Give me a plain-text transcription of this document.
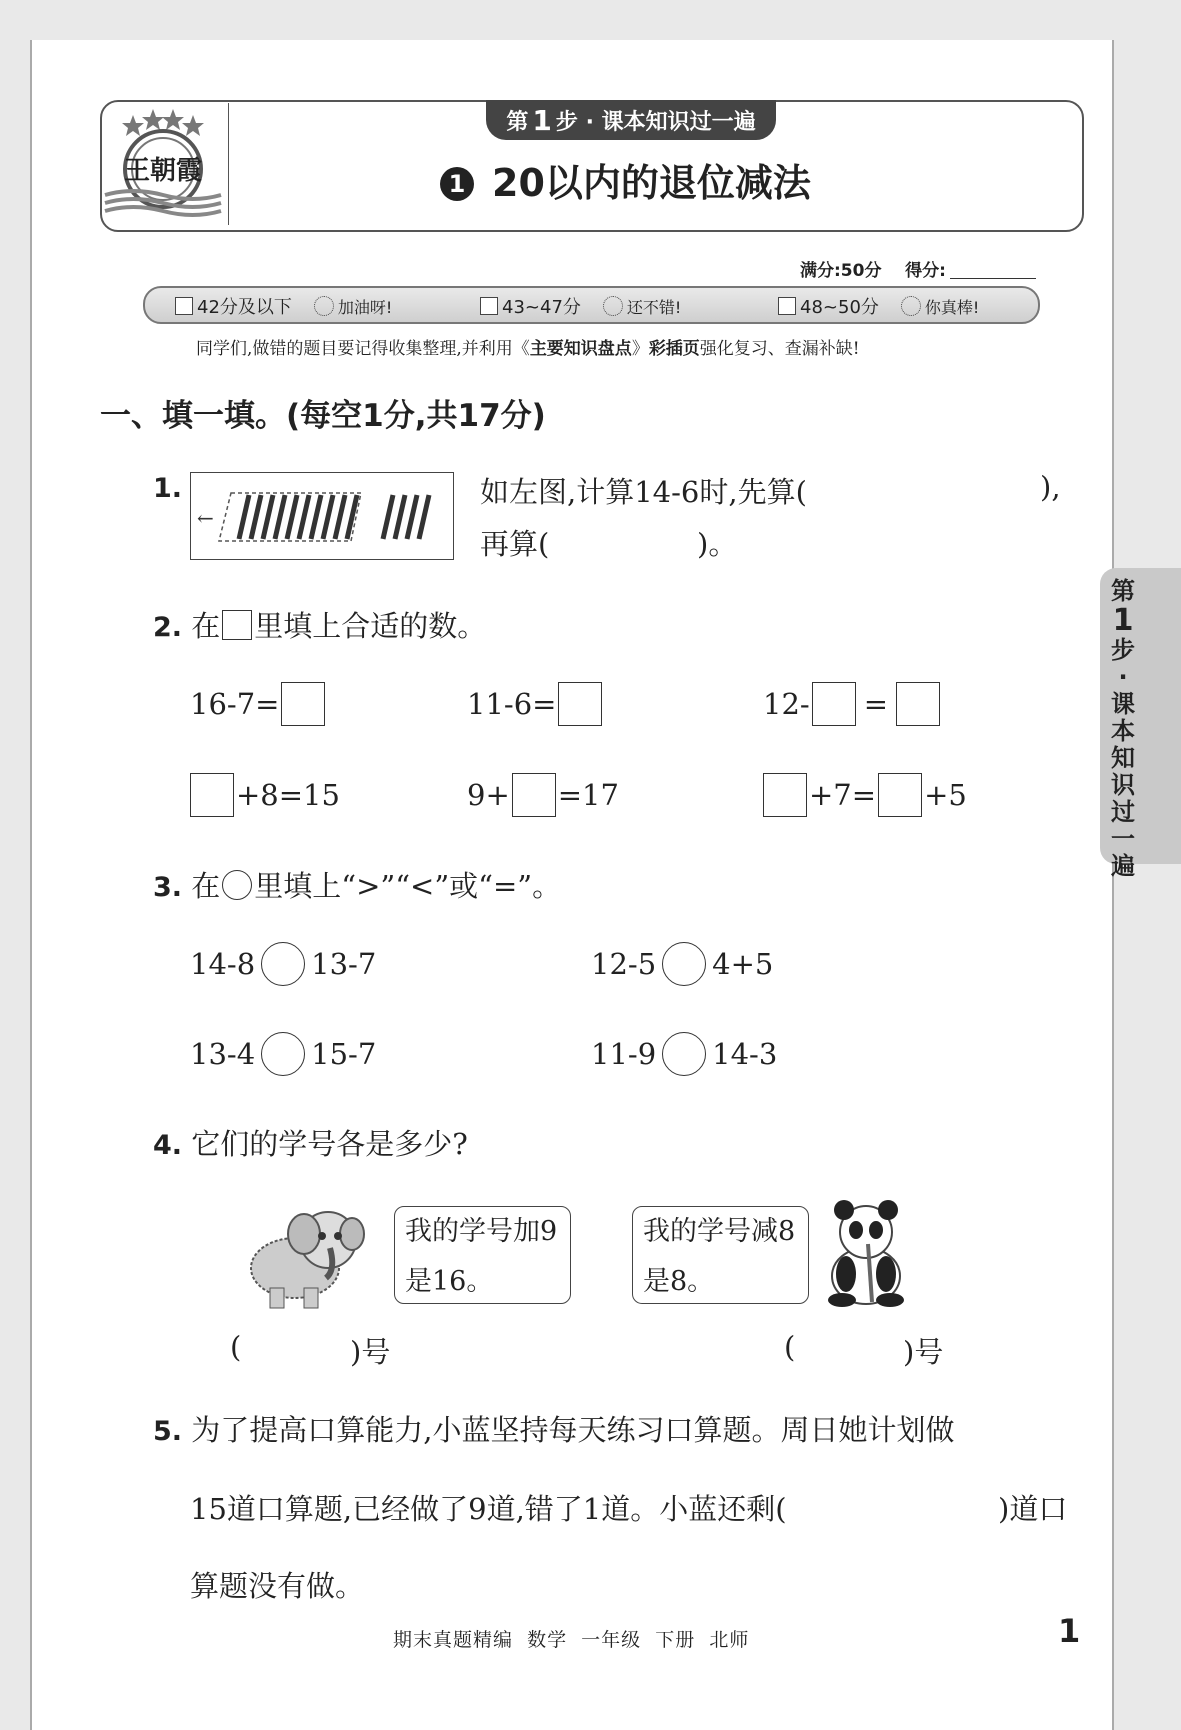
王朝霞
第 1 步 · 课本知识过一遍
1 20以内的退位减法
满分:50分 得分:
42分及以下	加油呀!	43~47分	还不错!	48~50分	你真棒!
同学们,做错的题目要记得收集整理,并利用《主要知识盘点》彩插页强化复习、查漏补缺!
一、填一填。(每空1分,共17分)
1.
←
如左图,计算14-6时,先算(	),
再算(	)。
2. 在 里填上合适的数。
16-7=	11-6=	12- =
+8=15	9+ =17	+7= +5
3. 在 里填上“>”“<”或“=”。
14-8 13-7	12-5 4+5
13-4 15-7	11-9 14-3
4. 它们的学号各是多少?
我的学号加9
是16。
我的学号减8
是8。
(	)号	(	)号
5. 为了提高口算能力,小蓝坚持每天练习口算题。周日她计划做
15道口算题,已经做了9道,错了1道。小蓝还剩(	)道口
算题没有做。
第
1
步
·
课
本
知
识
过
一
遍
期末真题精编  数学  一年级  下册  北师	1
